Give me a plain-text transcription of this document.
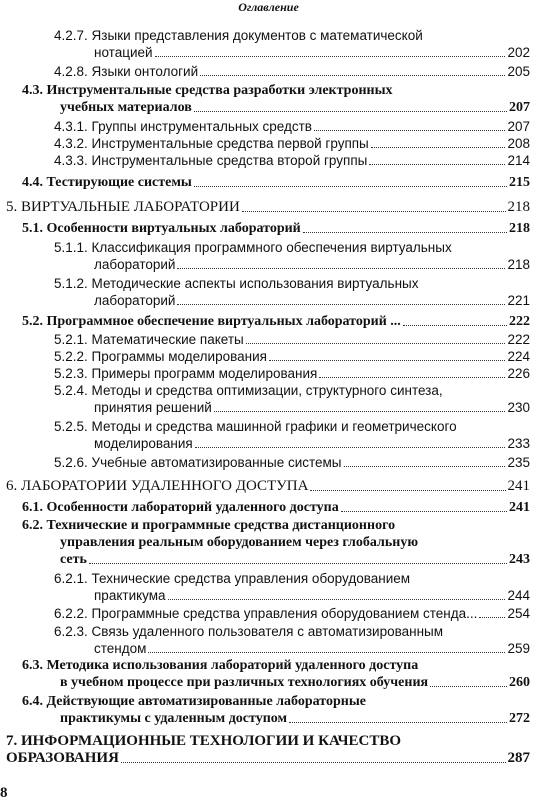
Оглавление
4.2.7. Языки представления документов с математической
нотацией	202
4.2.8. Языки онтологий	205
4.3. Инструментальные средства разработки электронных
учебных материалов	207
4.3.1. Группы инструментальных средств	207
4.3.2. Инструментальные средства первой группы	208
4.3.3. Инструментальные средства второй группы	214
4.4. Тестирующие системы	215
5. ВИРТУАЛЬНЫЕ ЛАБОРАТОРИИ	218
5.1. Особенности виртуальных лабораторий	218
5.1.1. Классификация программного обеспечения виртуальных
лабораторий	218
5.1.2. Методические аспекты использования виртуальных
лабораторий	221
5.2. Программное обеспечение виртуальных лабораторий ...	222
5.2.1. Математические пакеты	222
5.2.2. Программы моделирования	224
5.2.3. Примеры программ моделирования	226
5.2.4. Методы и средства оптимизации, структурного синтеза,
принятия решений	230
5.2.5. Методы и средства машинной графики и геометрического
моделирования	233
5.2.6. Учебные автоматизированные системы	235
6. ЛАБОРАТОРИИ УДАЛЕННОГО ДОСТУПА	241
6.1. Особенности лабораторий удаленного доступа	241
6.2. Технические и программные средства дистанционного
управления реальным оборудованием через глобальную
сеть	243
6.2.1. Технические средства управления оборудованием
практикума	244
6.2.2. Программные средства управления оборудованием стенда... 254
6.2.3. Связь удаленного пользователя с автоматизированным
стендом	259
6.3. Методика использования лабораторий удаленного доступа
в учебном процессе при различных технологиях обучения	260
6.4. Действующие автоматизированные лабораторные
практикумы с удаленным доступом	272
7. ИНФОРМАЦИОННЫЕ ТЕХНОЛОГИИ И КАЧЕСТВО
ОБРАЗОВАНИЯ	287
8
